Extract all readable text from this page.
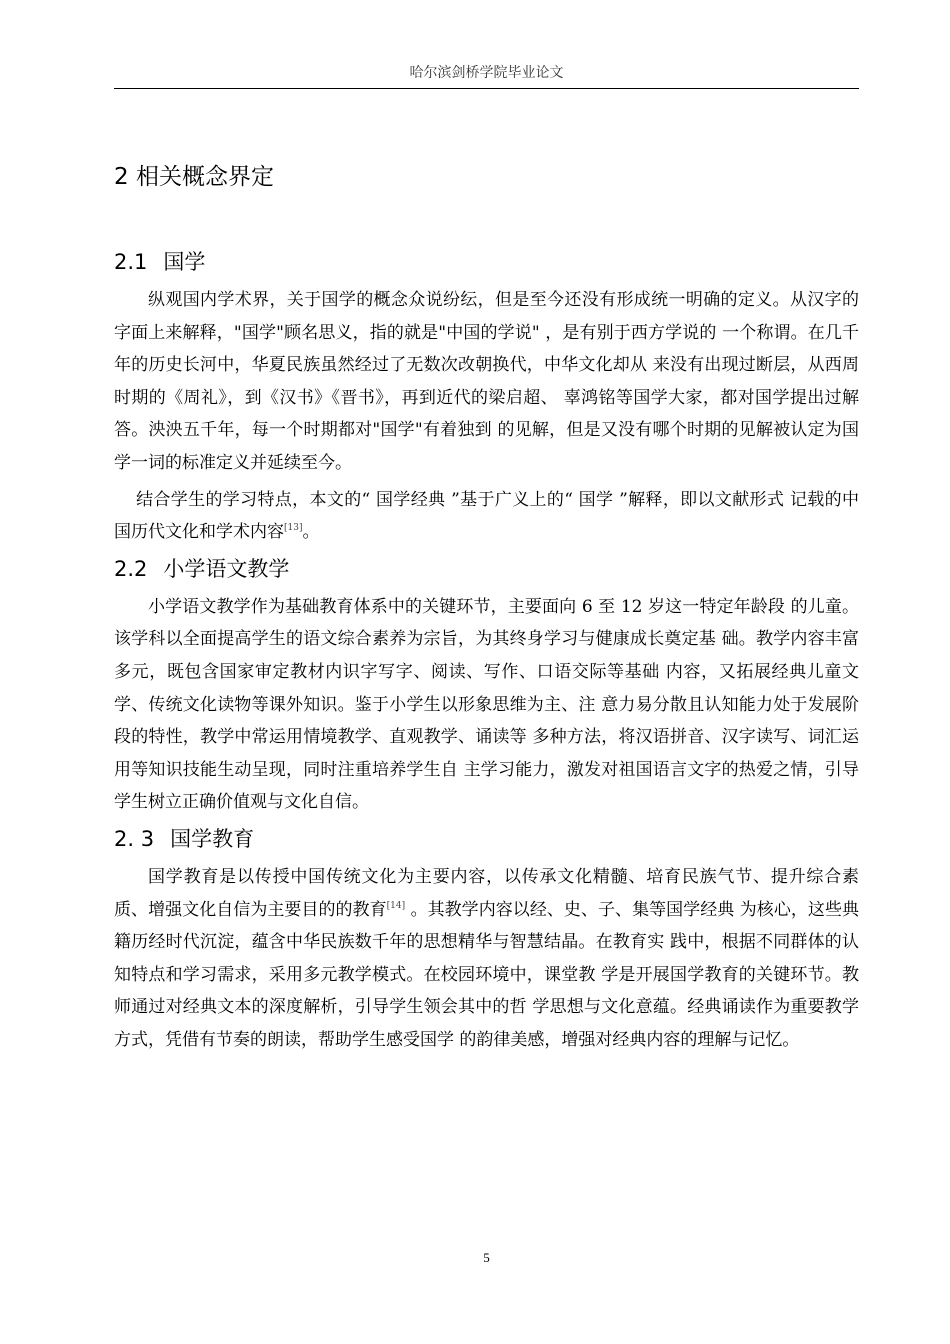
哈尔滨剑桥学院毕业论文
2 相关概念界定
2.1 国学

纵观国内学术界，关于国学的概念众说纷纭，但是至今还没有形成统一明确的定义。从汉字的字面上来解释，"国学"顾名思义，指的就是"中国的学说" ，是有别于西方学说的 一个称谓。在几千年的历史长河中，华夏民族虽然经过了无数次改朝换代，中华文化却从 来没有出现过断层，从西周时期的《周礼》，到《汉书》《晋书》，再到近代的梁启超、 辜鸿铭等国学大家，都对国学提出过解答。泱泱五千年，每一个时期都对"国学"有着独到 的见解，但是又没有哪个时期的见解被认定为国学一词的标准定义并延续至今。

结合学生的学习特点，本文的“ 国学经典 ”基于广义上的“ 国学 ”解释，即以文献形式 记载的中国历代文化和学术内容[13]。

2.2 小学语文教学

小学语文教学作为基础教育体系中的关键环节，主要面向 6 至 12 岁这一特定年龄段 的儿童。该学科以全面提高学生的语文综合素养为宗旨，为其终身学习与健康成长奠定基 础。教学内容丰富多元，既包含国家审定教材内识字写字、阅读、写作、口语交际等基础 内容，又拓展经典儿童文学、传统文化读物等课外知识。鉴于小学生以形象思维为主、注 意力易分散且认知能力处于发展阶段的特性，教学中常运用情境教学、直观教学、诵读等 多种方法，将汉语拼音、汉字读写、词汇运用等知识技能生动呈现，同时注重培养学生自 主学习能力，激发对祖国语言文字的热爱之情，引导学生树立正确价值观与文化自信。

2. 3 国学教育

国学教育是以传授中国传统文化为主要内容，以传承文化精髓、培育民族气节、提升综合素质、增强文化自信为主要目的的教育[14] 。其教学内容以经、史、子、集等国学经典 为核心，这些典籍历经时代沉淀，蕴含中华民族数千年的思想精华与智慧结晶。在教育实 践中，根据不同群体的认知特点和学习需求，采用多元教学模式。在校园环境中，课堂教 学是开展国学教育的关键环节。教师通过对经典文本的深度解析，引导学生领会其中的哲 学思想与文化意蕴。经典诵读作为重要教学方式，凭借有节奏的朗读，帮助学生感受国学 的韵律美感，增强对经典内容的理解与记忆。

5
